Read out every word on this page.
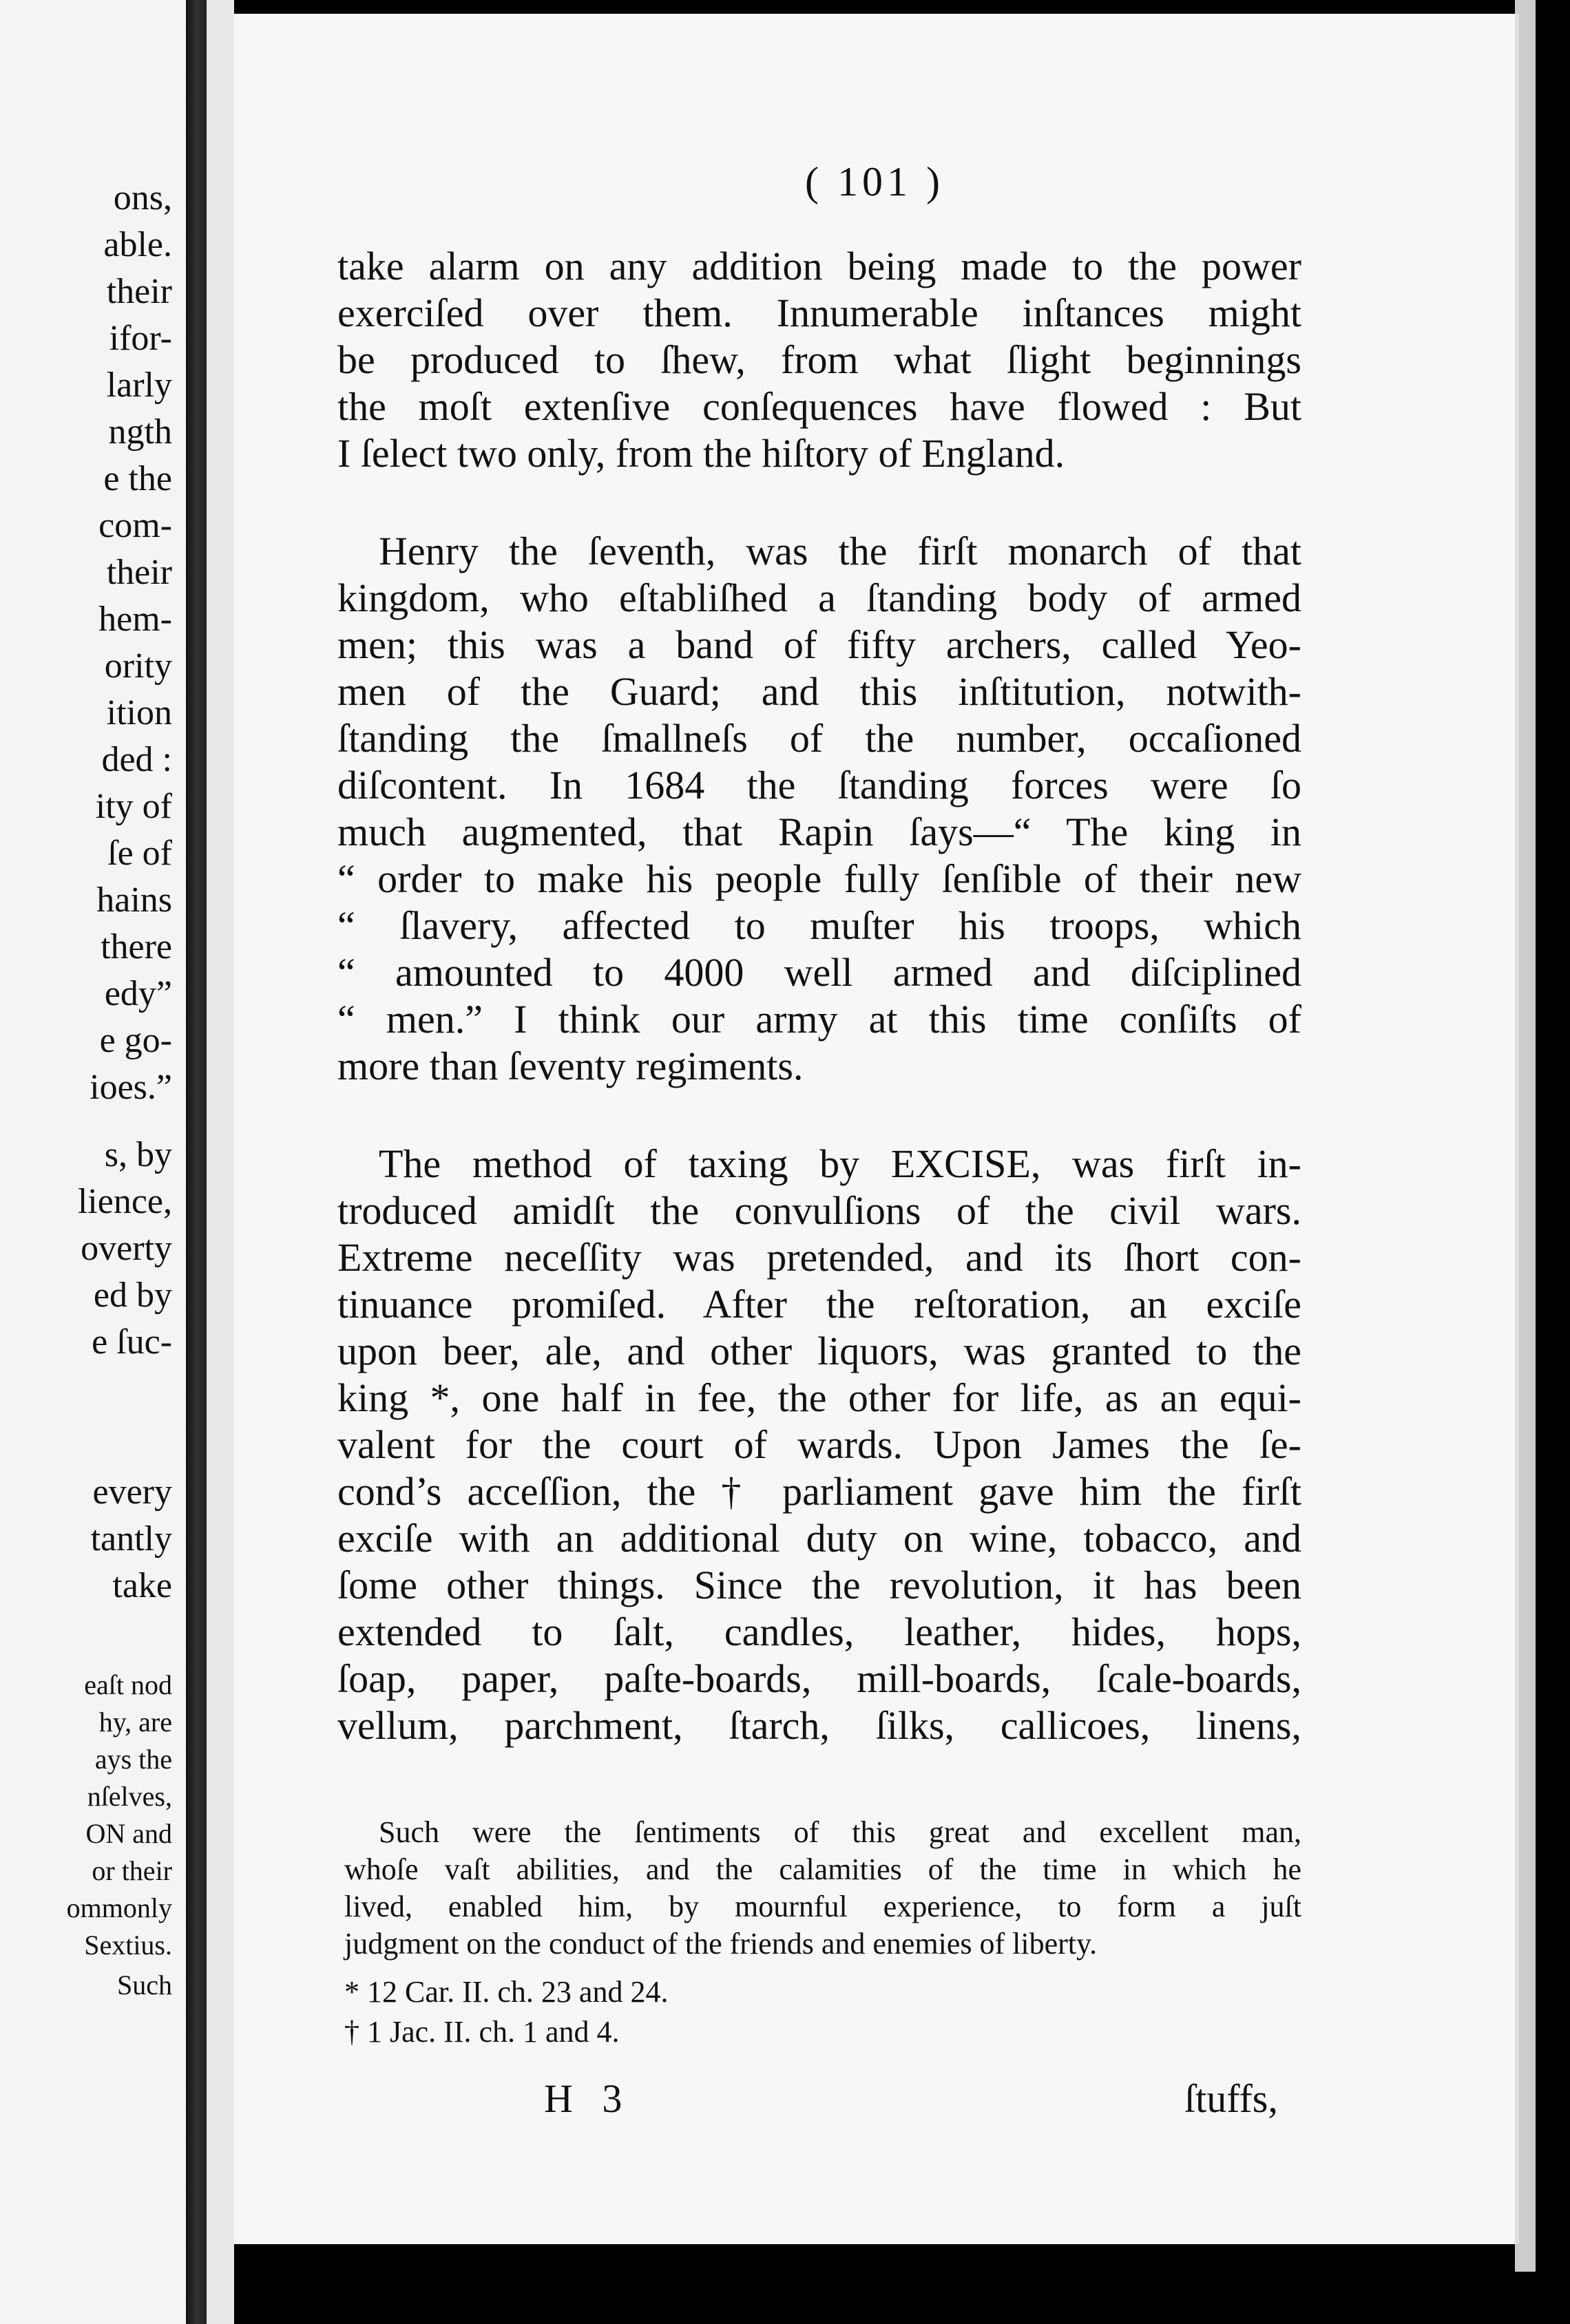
ons,
able.
their
ifor-
larly
ngth
e the
com-
their
hem-
ority
ition
ded :
ity of
ſe of
hains
there
edy”
e go-
ioes.”
s, by
lience,
overty
ed by
e ſuc-
every
tantly
take
eaſt nod
hy, are
ays the
nſelves,
ON and
or their
ommonly
Sextius.
Such
( 101 )
take alarm on any addition being made to the power
exerciſed over them. Innumerable inſtances might
be produced to ſhew, from what ſlight beginnings
the moſt extenſive conſequences have flowed : But
I ſelect two only, from the hiſtory of England.
Henry the ſeventh, was the firſt monarch of that
kingdom, who eſtabliſhed a ſtanding body of armed
men; this was a band of fifty archers, called Yeo-
men of the Guard; and this inſtitution, notwith-
ſtanding the ſmallneſs of the number, occaſioned
diſcontent. In 1684 the ſtanding forces were ſo
much augmented, that Rapin ſays—“ The king in
“ order to make his people fully ſenſible of their new
“ ſlavery, affected to muſter his troops, which
“ amounted to 4000 well armed and diſciplined
“ men.” I think our army at this time conſiſts of
more than ſeventy regiments.
The method of taxing by EXCISE, was firſt in-
troduced amidſt the convulſions of the civil wars.
Extreme neceſſity was pretended, and its ſhort con-
tinuance promiſed. After the reſtoration, an exciſe
upon beer, ale, and other liquors, was granted to the
king *, one half in fee, the other for life, as an equi-
valent for the court of wards. Upon James the ſe-
cond’s acceſſion, the † parliament gave him the firſt
exciſe with an additional duty on wine, tobacco, and
ſome other things. Since the revolution, it has been
extended to ſalt, candles, leather, hides, hops,
ſoap, paper, paſte-boards, mill-boards, ſcale-boards,
vellum, parchment, ſtarch, ſilks, callicoes, linens,
Such were the ſentiments of this great and excellent man,
whoſe vaſt abilities, and the calamities of the time in which he
lived, enabled him, by mournful experience, to form a juſt
judgment on the conduct of the friends and enemies of liberty.
* 12 Car. II. ch. 23 and 24.
† 1 Jac. II. ch. 1 and 4.
H 3	ſtuffs,
